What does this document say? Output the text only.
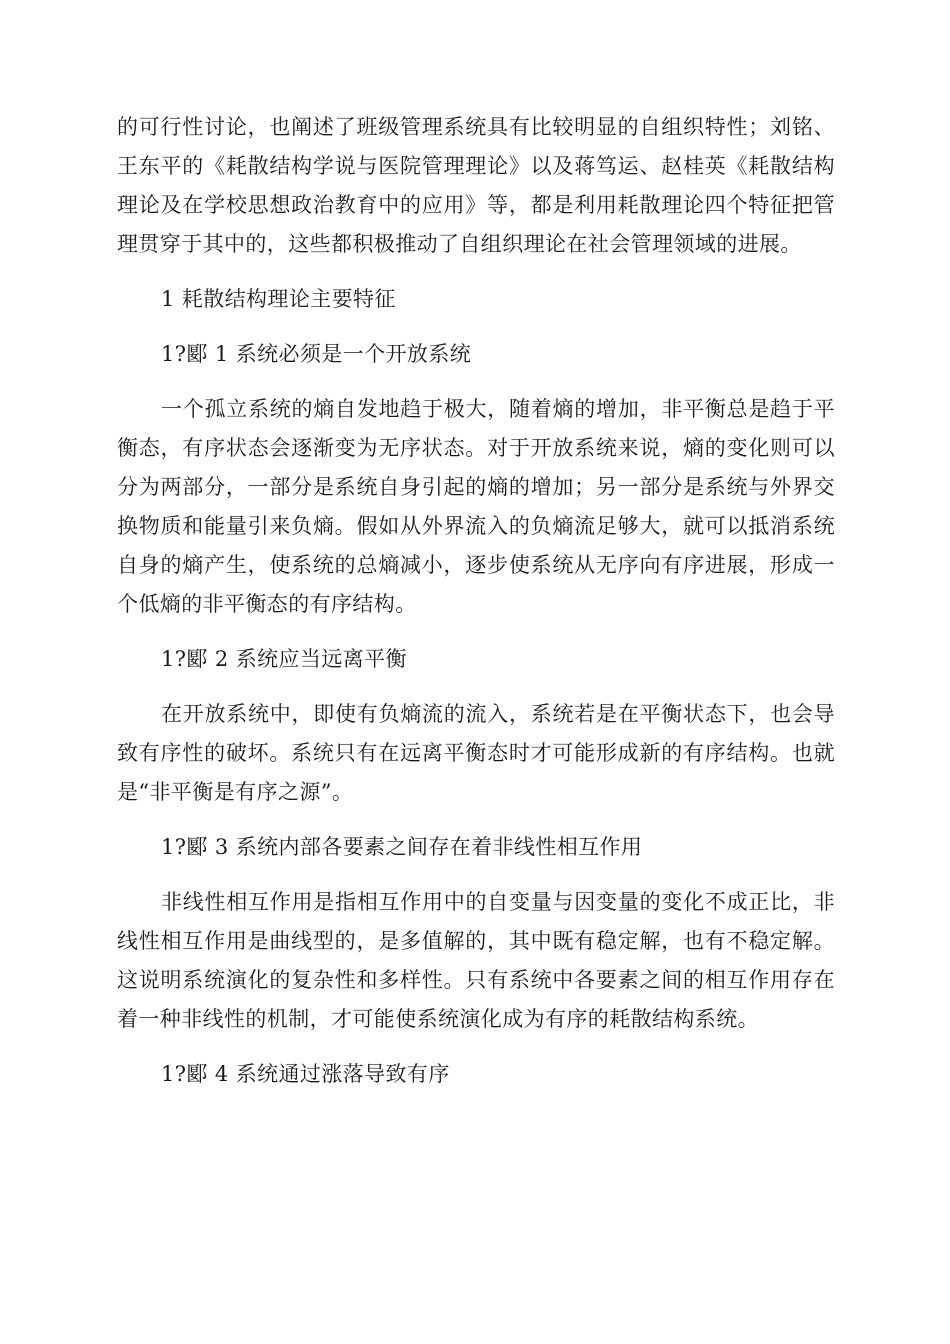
的可行性讨论，也阐述了班级管理系统具有比较明显的自组织特性；刘铭、王东平的《耗散结构学说与医院管理理论》以及蒋笃运、赵桂英《耗散结构理论及在学校思想政治教育中的应用》等，都是利用耗散理论四个特征把管理贯穿于其中的，这些都积极推动了自组织理论在社会管理领域的进展。

1 耗散结构理论主要特征

1?郾 1 系统必须是一个开放系统

一个孤立系统的熵自发地趋于极大，随着熵的增加，非平衡总是趋于平衡态，有序状态会逐渐变为无序状态。对于开放系统来说，熵的变化则可以分为两部分，一部分是系统自身引起的熵的增加；另一部分是系统与外界交换物质和能量引来负熵。假如从外界流入的负熵流足够大，就可以抵消系统自身的熵产生，使系统的总熵减小，逐步使系统从无序向有序进展，形成一个低熵的非平衡态的有序结构。

1?郾 2 系统应当远离平衡

在开放系统中，即使有负熵流的流入，系统若是在平衡状态下，也会导致有序性的破坏。系统只有在远离平衡态时才可能形成新的有序结构。也就是“非平衡是有序之源”。

1?郾 3 系统内部各要素之间存在着非线性相互作用

非线性相互作用是指相互作用中的自变量与因变量的变化不成正比，非线性相互作用是曲线型的，是多值解的，其中既有稳定解，也有不稳定解。这说明系统演化的复杂性和多样性。只有系统中各要素之间的相互作用存在着一种非线性的机制，才可能使系统演化成为有序的耗散结构系统。

1?郾 4 系统通过涨落导致有序
